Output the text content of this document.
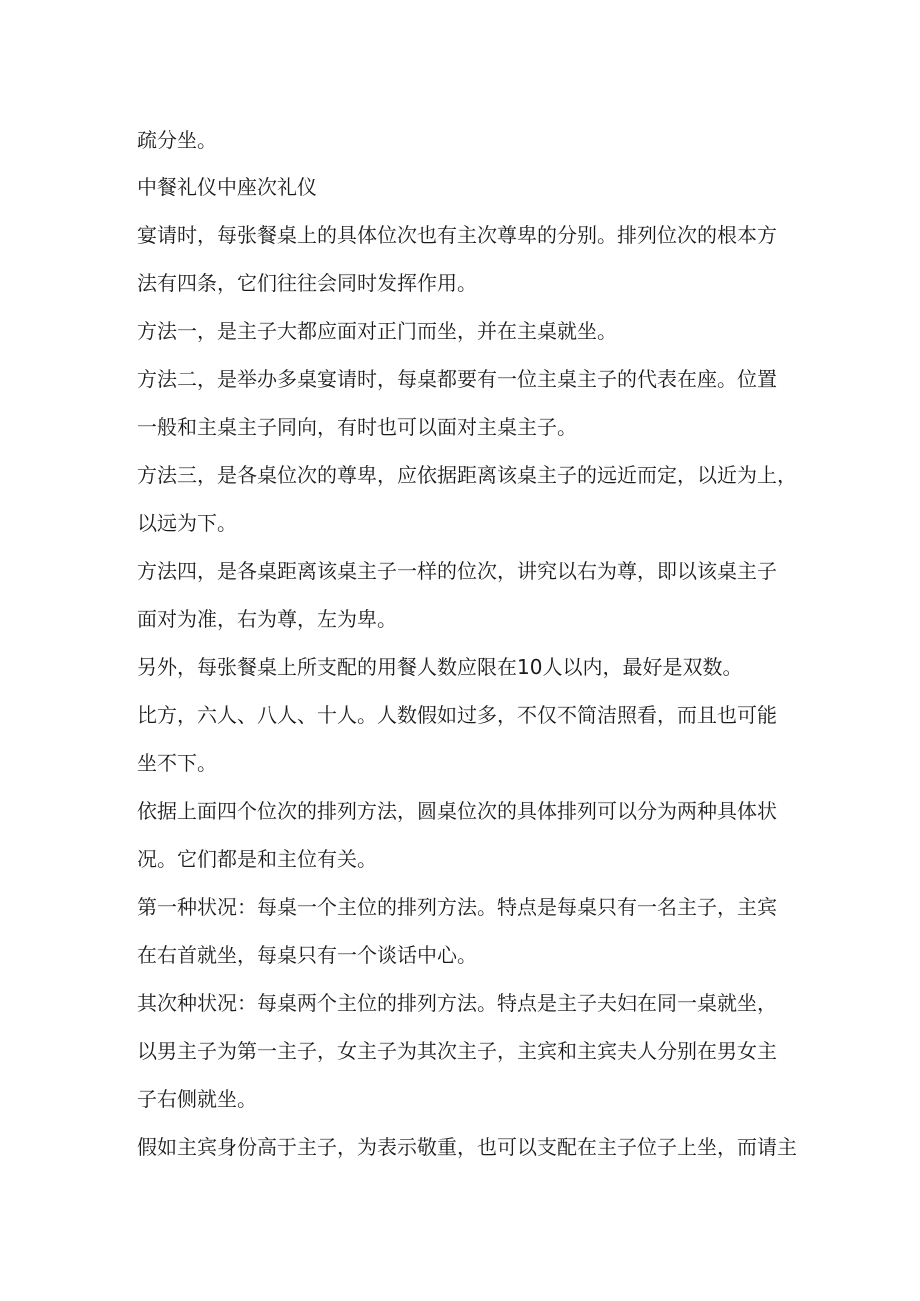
疏分坐。
中餐礼仪中座次礼仪
宴请时，每张餐桌上的具体位次也有主次尊卑的分别。排列位次的根本方
法有四条，它们往往会同时发挥作用。
方法一，是主子大都应面对正门而坐，并在主桌就坐。
方法二，是举办多桌宴请时，每桌都要有一位主桌主子的代表在座。位置
一般和主桌主子同向，有时也可以面对主桌主子。
方法三，是各桌位次的尊卑，应依据距离该桌主子的远近而定，以近为上，
以远为下。
方法四，是各桌距离该桌主子一样的位次，讲究以右为尊，即以该桌主子
面对为准，右为尊，左为卑。
另外，每张餐桌上所支配的用餐人数应限在10人以内，最好是双数。
比方，六人、八人、十人。人数假如过多，不仅不简洁照看，而且也可能
坐不下。
依据上面四个位次的排列方法，圆桌位次的具体排列可以分为两种具体状
况。它们都是和主位有关。
第一种状况：每桌一个主位的排列方法。特点是每桌只有一名主子，主宾
在右首就坐，每桌只有一个谈话中心。
其次种状况：每桌两个主位的排列方法。特点是主子夫妇在同一桌就坐，
以男主子为第一主子，女主子为其次主子，主宾和主宾夫人分别在男女主
子右侧就坐。
假如主宾身份高于主子，为表示敬重，也可以支配在主子位子上坐，而请主
